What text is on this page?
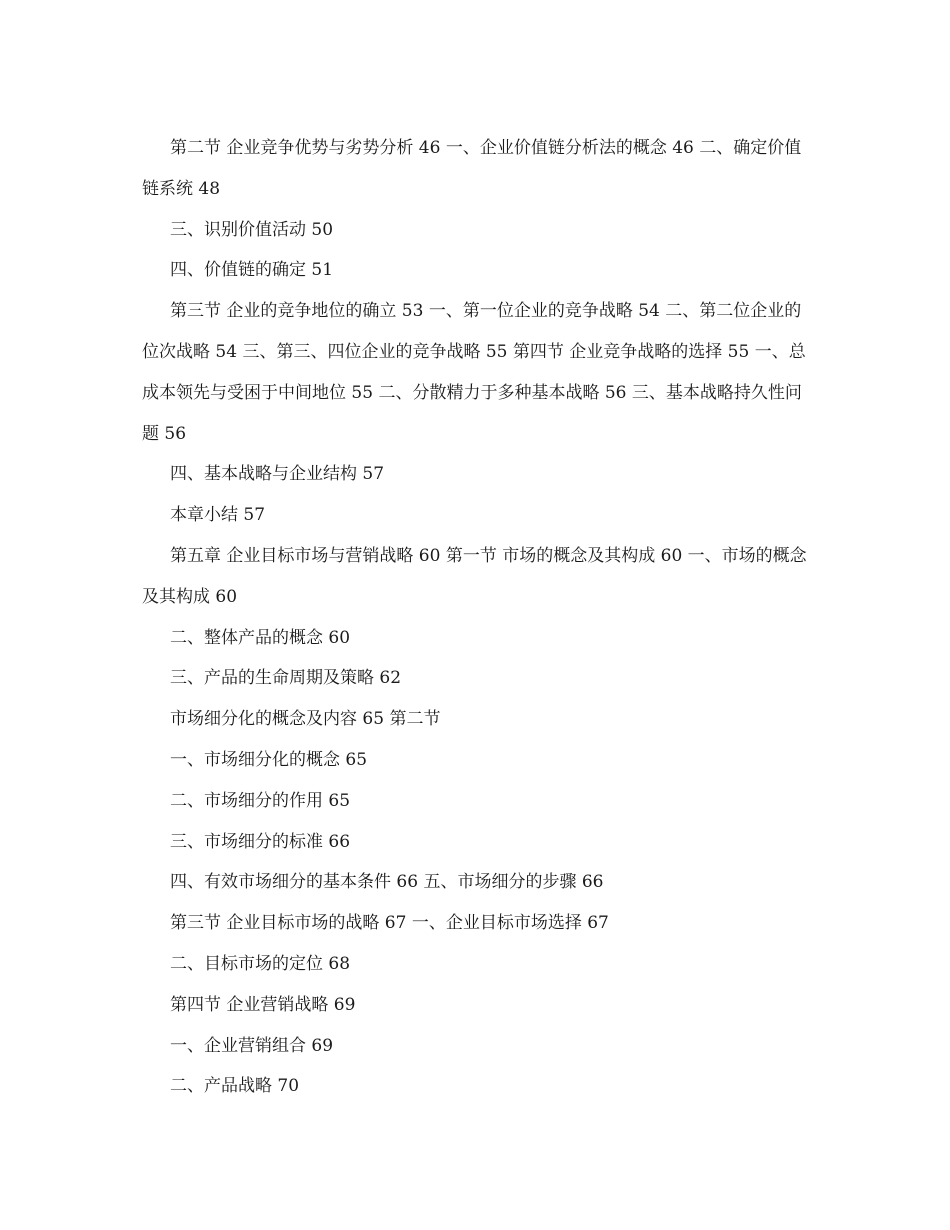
第二节 企业竞争优势与劣势分析 46 一、企业价值链分析法的概念 46 二、确定价值链系统 48

三、识别价值活动 50

四、价值链的确定 51

第三节 企业的竞争地位的确立 53 一、第一位企业的竞争战略 54 二、第二位企业的位次战略 54 三、第三、四位企业的竞争战略 55 第四节 企业竞争战略的选择 55 一、总成本领先与受困于中间地位 55 二、分散精力于多种基本战略 56 三、基本战略持久性问题 56

四、基本战略与企业结构 57

本章小结 57

第五章 企业目标市场与营销战略 60 第一节 市场的概念及其构成 60 一、市场的概念及其构成 60

二、整体产品的概念 60

三、产品的生命周期及策略 62

市场细分化的概念及内容 65 第二节

一、市场细分化的概念 65

二、市场细分的作用 65

三、市场细分的标准 66

四、有效市场细分的基本条件 66 五、市场细分的步骤 66

第三节 企业目标市场的战略 67 一、企业目标市场选择 67

二、目标市场的定位 68

第四节 企业营销战略 69

一、企业营销组合 69

二、产品战略 70
